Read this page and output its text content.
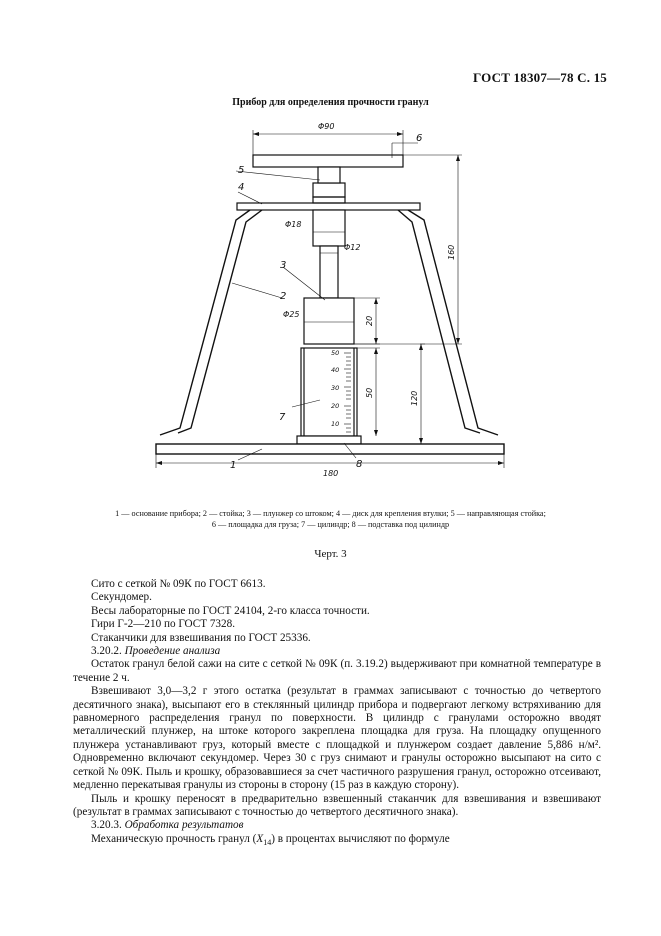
ГОСТ 18307—78 С. 15
Прибор для определения прочности гранул
50
40
30
20
10
Φ90
Φ18
Φ12
Φ25
20
50	120
160
180
1
2
3
4
5
6
7
8
1 — основание прибора; 2 — стойка; 3 — плунжер со штоком; 4 — диск для крепления втулки; 5 — направляющая стойка;
6 — площадка для груза; 7 — цилиндр; 8 — подставка под цилиндр
Черт. 3

Сито с сеткой № 09К по ГОСТ 6613.

Секундомер.

Весы лабораторные по ГОСТ 24104, 2-го класса точности.

Гири Г-2—210 по ГОСТ 7328.

Стаканчики для взвешивания по ГОСТ 25336.

3.20.2. Проведение анализа

Остаток гранул белой сажи на сите с сеткой № 09К (п. 3.19.2) выдерживают при комнатной температуре в течение 2 ч.

Взвешивают 3,0—3,2 г этого остатка (результат в граммах записывают с точностью до четвертого десятичного знака), высыпают его в стеклянный цилиндр прибора и подвергают легкому встряхиванию для равномерного распределения гранул по поверхности. В цилиндр с гранулами осторожно вводят металлический плунжер, на штоке которого закреплена площадка для груза. На площадку опущенного плунжера устанавливают груз, который вместе с площадкой и плунжером создает давление 5,886 н/м². Одновременно включают секундомер. Через 30 с груз снимают и гранулы осторожно высыпают на сито с сеткой № 09К. Пыль и крошку, образовавшиеся за счет частичного разрушения гранул, осторожно отсеивают, медленно перекатывая гранулы из стороны в сторону (15 раз в каждую сторону).

Пыль и крошку переносят в предварительно взвешенный стаканчик для взвешивания и взвешивают (результат в граммах записывают с точностью до четвертого десятичного знака).

3.20.3. Обработка результатов

Механическую прочность гранул $(X_{14})$ в процентах вычисляют по формуле
